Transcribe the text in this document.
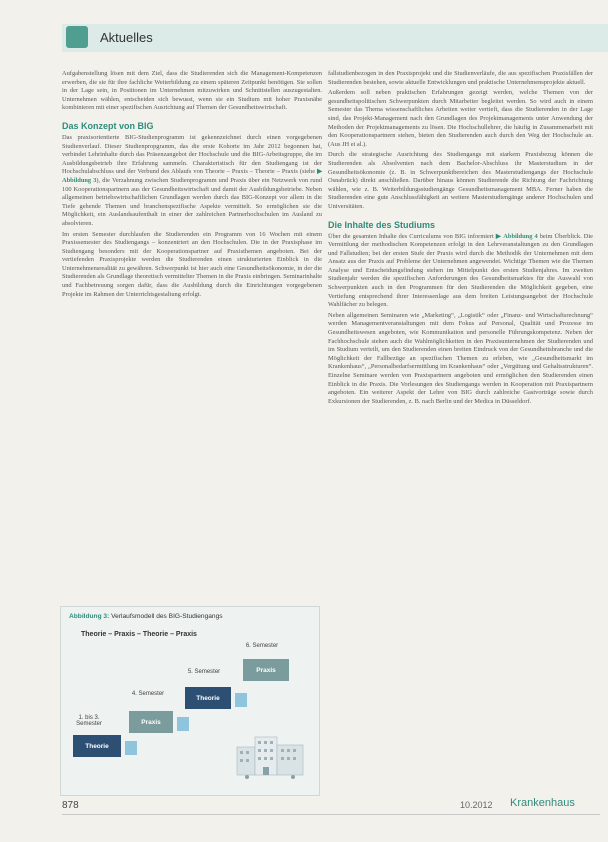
Aktuelles

Aufgabenstellung lösen mit dem Ziel, dass die Studierenden sich die Management-Kompetenzen erwerben, die sie für ihre fachliche Weiterbildung zu einem späteren Zeitpunkt benötigen. Sie sollen in der Lage sein, in Positionen im Unternehmen mitzuwirken und Schnittstellen auszugestalten. Unternehmen wählen, entscheiden sich bewusst, wenn sie ein Studium mit hoher Praxisnähe kombinieren mit einer spezifischen Ausrichtung auf Themen der Gesundheitswirtschaft.

Das Konzept von BIG

Das praxisorientierte BIG-Studienprogramm ist gekennzeichnet durch einen vorgegebenen Studienverlauf. Dieser Studienpropgramm, das die erste Kohorte im Jahr 2012 begonnen hat, verbindet Lehrinhalte durch das Präsenzangebot der Hochschule und die BIG-Arbeitsgruppe, die im Ausbildungsbetrieb ihre Erfahrung sammeln. Charakteristisch für den Studiengang ist der Hochschulabschluss und der Verbund des Ablaufs von Theorie – Praxis – Theorie – Praxis (siehe ▶ Abbildung 3), die Verzahnung zwischen Studienprogramm und Praxis über ein Netzwerk von rund 100 Kooperationspartnern aus der Gesundheitswirtschaft und damit der Ausbildungsbetriebe. Neben allgemeinen betriebswirtschaftlichen Grundlagen werden durch das BIG-Konzept vor allem in die Tiefe gehende Themen und branchenspezifische Aspekte vermittelt. So ermöglichen sie die Möglichkeit, ein Auslandsaufenthalt in einer der zahlreichen Partnerhochschulen im Ausland zu absolvieren.

Im ersten Semester durchlaufen die Studierenden ein Programm von 16 Wochen mit einem Praxissemester des Studiengangs – konzentriert an den Hochschulen. Die in der Praxisphase im Studiengang besonders mit der Kooperationspartner auf Praxisthemen angeboten. Bei der vertiefenden Praxisprojekte werden die Studierenden einen strukturierten Einblick in die Unternehmensrealität zu gewähren. Schwerpunkt ist hier auch eine Gesundheitsökonomie, in der die Studierenden als Grundlage theoretisch vermittelter Themen in die Praxis einbringen. Seminarinhalte und Fachbetreuung sorgen dafür, dass die Ausbildung durch die Einrichtungen vorgegebenen Projekte im Rahmen der Unterrichtsgestaltung erfolgt.

Abbildung 3: Verlaufsmodell des BIG-Studiengangs
Theorie – Praxis – Theorie – Praxis
1. bis 3. Semester
4. Semester
5. Semester
6. Semester
Theorie
Praxis
Theorie
Praxis

fallstudienbezogen in den Praxisprojekt und die Studienverläufe, die aus spezifischen Praxisfällen der Studierenden bestehen, sowie aktuelle Entwicklungen und praktische Unternehmensprojekte aktuell.

Außerdem soll neben praktischen Erfahrungen gezeigt werden, welche Themen von der gesundheitspolitischen Schwerpunkten durch Mitarbeiter begleitet werden. So wird auch in einem Semester das Thema wissenschaftliches Arbeiten weiter vertieft, dass die Studierenden in der Lage sind, das Projekt-Management nach den Grundlagen des Projektmanagements unter Anwendung der Methoden der Projektmanagements zu lösen. Die Hochschullehrer, die häufig in Zusammenarbeit mit den Kooperationspartnern stehen, bieten den Studierenden auch durch den Weg der Hochschule an. (Aus JH ei al.).

Durch die strategische Ausrichtung des Studiengangs mit starkem Praxisbezug können die Studierenden als Absolventen nach dem Bachelor-Abschluss ihr Masterstudium in der Gesundheitsökonomie (z. B. in Schwerpunktbereichen des Masterstudiengangs der Hochschule Osnabrück) direkt anschließen. Darüber hinaus können Studierende die Richtung der Fachrichtung wählen, wie z. B. Weiterbildungsstudiengänge Gesundheitsmanagement MBA. Ferner haben die Studierenden eine gute Anschlussfähigkeit an weitere Masterstudiengänge anderer Hochschulen und Universitäten.

Die Inhalte des Studiums

Über die gesamten Inhalte des Curriculums von BIG informiert ▶ Abbildung 4 beim Überblick. Die Vermittlung der methodischen Kompetenzen erfolgt in den Lehrveranstaltungen zu den Grundlagen und Fallstudien; bei der ersten Stufe der Praxis wird durch die Methodik der Unternehmen mit dem Ansatz aus der Praxis auf Probleme der Unternehmen angewendet. Wichtige Themen wie die Themen Analyse und Entscheidungsfindung stehen im Mittelpunkt des ersten Studienjahres. Im zweiten Studienjahr werden die spezifischen Anforderungen des Gesundheitsmarktes für die Auswahl von Schwerpunkten auch in den Programmen für den Studierenden die Möglichkeit gegeben, eine Vertiefung entsprechend ihrer Interessenlage aus dem breiten Leistungsangebot der Hochschule Wahlfächer zu belegen.

Neben allgemeinen Seminaren wie „Marketing“, „Logistik“ oder „Finanz- und Wirtschaftsrechnung“ werden Managementveranstaltungen mit dem Fokus auf Personal, Qualität und Prozesse im Gesundheitswesen angeboten, wie Kommunikation und personelle Führungskompetenz. Neben der Fachhochschule stehen auch die Wahlmöglichkeiten in den Praxisunternehmen der Studierenden und im Studium verteilt, um den Studierenden einen breiten Eindruck von der Gesundheitsbranche und die Möglichkeit der Fallbezüge an spezifischen Themen zu erleben, wie „Gesundheitsmarkt im Krankenhaus“, „Personalbedarfsermittlung im Krankenhaus“ oder „Vergütung und Gehaltsstrukturen“. Einzelne Seminare werden von Praxispartnern angeboten und ermöglichen den Studierenden einen Einblick in die Praxis. Die Vorlesungen des Studiengangs werden in Kooperation mit Praxispartnern angeboten. Ein weiterer Aspekt der Lehre von BIG durch zahlreiche Gastvorträge sowie durch Exkursionen der Studierenden, z. B. nach Berlin und der Medica in Düsseldorf.

878	10.2012 Krankenhaus
